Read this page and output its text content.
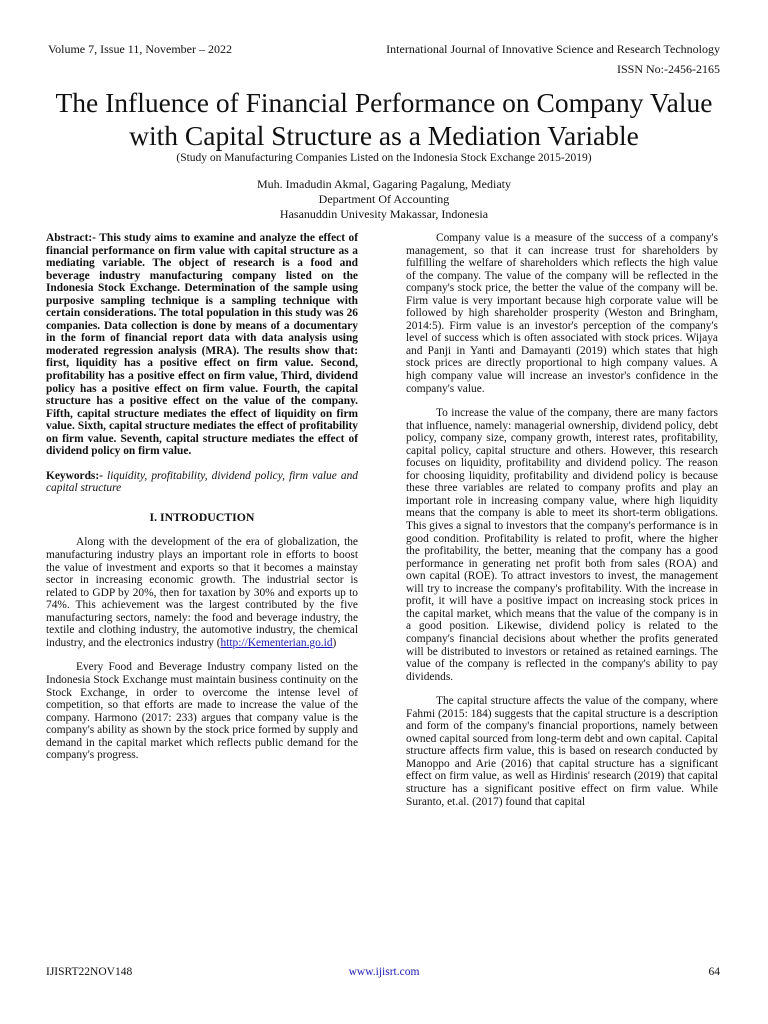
Volume 7, Issue 11, November – 2022	International Journal of Innovative Science and Research Technology
ISSN No:-2456-2165
The Influence of Financial Performance on Company Value with Capital Structure as a Mediation Variable
(Study on Manufacturing Companies Listed on the Indonesia Stock Exchange 2015-2019)
Muh. Imadudin Akmal, Gagaring Pagalung, Mediaty
Department Of Accounting
Hasanuddin Univesity Makassar, Indonesia

Abstract:- This study aims to examine and analyze the effect of financial performance on firm value with capital structure as a mediating variable. The object of research is a food and beverage industry manufacturing company listed on the Indonesia Stock Exchange. Determination of the sample using purposive sampling technique is a sampling technique with certain considerations. The total population in this study was 26 companies. Data collection is done by means of a documentary in the form of financial report data with data analysis using moderated regression analysis (MRA). The results show that: first, liquidity has a positive effect on firm value. Second, profitability has a positive effect on firm value, Third, dividend policy has a positive effect on firm value. Fourth, the capital structure has a positive effect on the value of the company. Fifth, capital structure mediates the effect of liquidity on firm value. Sixth, capital structure mediates the effect of profitability on firm value. Seventh, capital structure mediates the effect of dividend policy on firm value.

Keywords:- liquidity, profitability, dividend policy, firm value and capital structure

I. INTRODUCTION

Along with the development of the era of globalization, the manufacturing industry plays an important role in efforts to boost the value of investment and exports so that it becomes a mainstay sector in increasing economic growth. The industrial sector is related to GDP by 20%, then for taxation by 30% and exports up to 74%. This achievement was the largest contributed by the five manufacturing sectors, namely: the food and beverage industry, the textile and clothing industry, the automotive industry, the chemical industry, and the electronics industry (http://Kementerian.go.id)

Every Food and Beverage Industry company listed on the Indonesia Stock Exchange must maintain business continuity on the Stock Exchange, in order to overcome the intense level of competition, so that efforts are made to increase the value of the company. Harmono (2017: 233) argues that company value is the company's ability as shown by the stock price formed by supply and demand in the capital market which reflects public demand for the company's progress.

Company value is a measure of the success of a company's management, so that it can increase trust for shareholders by fulfilling the welfare of shareholders which reflects the high value of the company. The value of the company will be reflected in the company's stock price, the better the value of the company will be. Firm value is very important because high corporate value will be followed by high shareholder prosperity (Weston and Bringham, 2014:5). Firm value is an investor's perception of the company's level of success which is often associated with stock prices. Wijaya and Panji in Yanti and Damayanti (2019) which states that high stock prices are directly proportional to high company values. A high company value will increase an investor's confidence in the company's value.

To increase the value of the company, there are many factors that influence, namely: managerial ownership, dividend policy, debt policy, company size, company growth, interest rates, profitability, capital policy, capital structure and others. However, this research focuses on liquidity, profitability and dividend policy. The reason for choosing liquidity, profitability and dividend policy is because these three variables are related to company profits and play an important role in increasing company value, where high liquidity means that the company is able to meet its short-term obligations. This gives a signal to investors that the company's performance is in good condition. Profitability is related to profit, where the higher the profitability, the better, meaning that the company has a good performance in generating net profit both from sales (ROA) and own capital (ROE). To attract investors to invest, the management will try to increase the company's profitability. With the increase in profit, it will have a positive impact on increasing stock prices in the capital market, which means that the value of the company is in a good position. Likewise, dividend policy is related to the company's financial decisions about whether the profits generated will be distributed to investors or retained as retained earnings. The value of the company is reflected in the company's ability to pay dividends.

The capital structure affects the value of the company, where Fahmi (2015: 184) suggests that the capital structure is a description and form of the company's financial proportions, namely between owned capital sourced from long-term debt and own capital. Capital structure affects firm value, this is based on research conducted by Manoppo and Arie (2016) that capital structure has a significant effect on firm value, as well as Hirdinis' research (2019) that capital structure has a significant positive effect on firm value. While Suranto, et.al. (2017) found that capital

IJISRT22NOV148	www.ijisrt.com	64
